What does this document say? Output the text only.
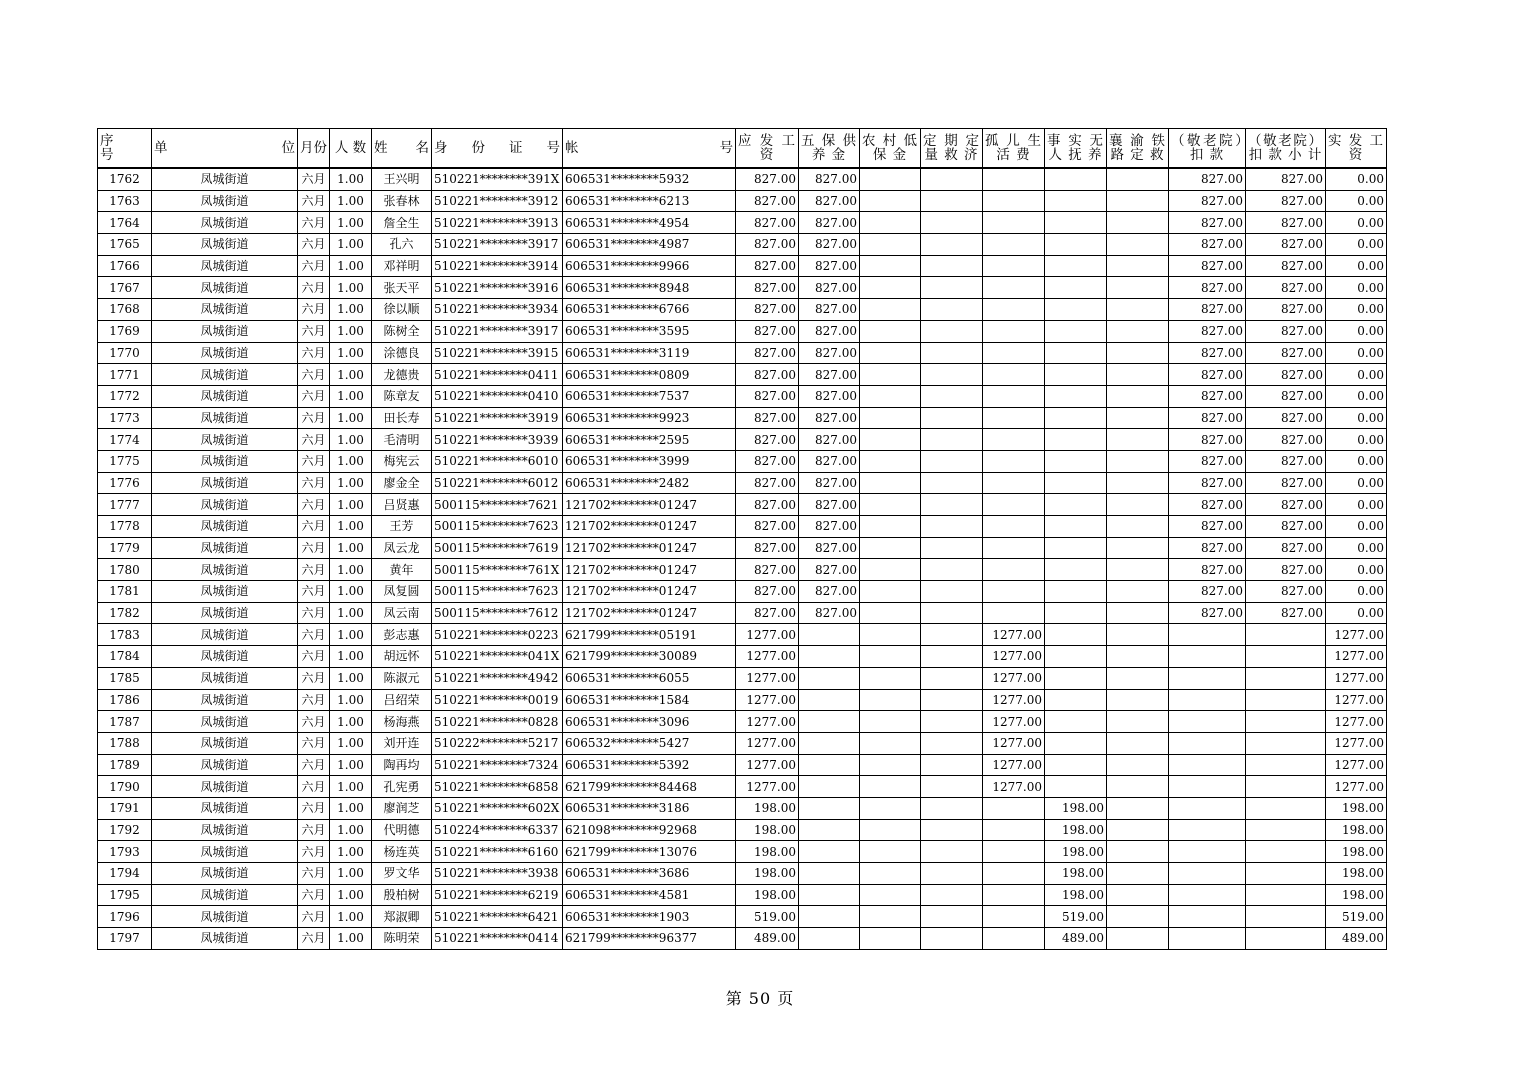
序　　号	单　　　　　　　　位	月份	人 数	姓　　名	身　份　证　号	帐　　　　　　　　号	应 发 工 资	五 保 供 养 金	农 村 低 保 金	定 期 定 量 救 济	孤 儿 生 活 费	事 实 无 人 抚 养	襄 渝 铁 路 定 救	（敬老院）扣 款	（敬老院）扣 款 小 计	实 发 工 资
1762	凤城街道	六月	1.00	王兴明	510221********391X	606531********5932	827.00	827.00						827.00	827.00	0.00
1763	凤城街道	六月	1.00	张春林	510221********3912	606531********6213	827.00	827.00						827.00	827.00	0.00
1764	凤城街道	六月	1.00	詹全生	510221********3913	606531********4954	827.00	827.00						827.00	827.00	0.00
1765	凤城街道	六月	1.00	孔六	510221********3917	606531********4987	827.00	827.00						827.00	827.00	0.00
1766	凤城街道	六月	1.00	邓祥明	510221********3914	606531********9966	827.00	827.00						827.00	827.00	0.00
1767	凤城街道	六月	1.00	张天平	510221********3916	606531********8948	827.00	827.00						827.00	827.00	0.00
1768	凤城街道	六月	1.00	徐以顺	510221********3934	606531********6766	827.00	827.00						827.00	827.00	0.00
1769	凤城街道	六月	1.00	陈树全	510221********3917	606531********3595	827.00	827.00						827.00	827.00	0.00
1770	凤城街道	六月	1.00	涂德良	510221********3915	606531********3119	827.00	827.00						827.00	827.00	0.00
1771	凤城街道	六月	1.00	龙德贵	510221********0411	606531********0809	827.00	827.00						827.00	827.00	0.00
1772	凤城街道	六月	1.00	陈章友	510221********0410	606531********7537	827.00	827.00						827.00	827.00	0.00
1773	凤城街道	六月	1.00	田长寿	510221********3919	606531********9923	827.00	827.00						827.00	827.00	0.00
1774	凤城街道	六月	1.00	毛清明	510221********3939	606531********2595	827.00	827.00						827.00	827.00	0.00
1775	凤城街道	六月	1.00	梅宪云	510221********6010	606531********3999	827.00	827.00						827.00	827.00	0.00
1776	凤城街道	六月	1.00	廖金全	510221********6012	606531********2482	827.00	827.00						827.00	827.00	0.00
1777	凤城街道	六月	1.00	吕贤惠	500115********7621	121702********01247	827.00	827.00						827.00	827.00	0.00
1778	凤城街道	六月	1.00	王芳	500115********7623	121702********01247	827.00	827.00						827.00	827.00	0.00
1779	凤城街道	六月	1.00	凤云龙	500115********7619	121702********01247	827.00	827.00						827.00	827.00	0.00
1780	凤城街道	六月	1.00	黄年	500115********761X	121702********01247	827.00	827.00						827.00	827.00	0.00
1781	凤城街道	六月	1.00	凤复圆	500115********7623	121702********01247	827.00	827.00						827.00	827.00	0.00
1782	凤城街道	六月	1.00	凤云南	500115********7612	121702********01247	827.00	827.00						827.00	827.00	0.00
1783	凤城街道	六月	1.00	彭志惠	510221********0223	621799********05191	1277.00				1277.00					1277.00
1784	凤城街道	六月	1.00	胡远怀	510221********041X	621799********30089	1277.00				1277.00					1277.00
1785	凤城街道	六月	1.00	陈淑元	510221********4942	606531********6055	1277.00				1277.00					1277.00
1786	凤城街道	六月	1.00	吕绍荣	510221********0019	606531********1584	1277.00				1277.00					1277.00
1787	凤城街道	六月	1.00	杨海燕	510221********0828	606531********3096	1277.00				1277.00					1277.00
1788	凤城街道	六月	1.00	刘开连	510222********5217	606532********5427	1277.00				1277.00					1277.00
1789	凤城街道	六月	1.00	陶再均	510221********7324	606531********5392	1277.00				1277.00					1277.00
1790	凤城街道	六月	1.00	孔宪勇	510221********6858	621799********84468	1277.00				1277.00					1277.00
1791	凤城街道	六月	1.00	廖润芝	510221********602X	606531********3186	198.00					198.00				198.00
1792	凤城街道	六月	1.00	代明德	510224********6337	621098********92968	198.00					198.00				198.00
1793	凤城街道	六月	1.00	杨连英	510221********6160	621799********13076	198.00					198.00				198.00
1794	凤城街道	六月	1.00	罗文华	510221********3938	606531********3686	198.00					198.00				198.00
1795	凤城街道	六月	1.00	殷柏树	510221********6219	606531********4581	198.00					198.00				198.00
1796	凤城街道	六月	1.00	郑淑卿	510221********6421	606531********1903	519.00					519.00				519.00
1797	凤城街道	六月	1.00	陈明荣	510221********0414	621799********96377	489.00					489.00				489.00
第 50 页
